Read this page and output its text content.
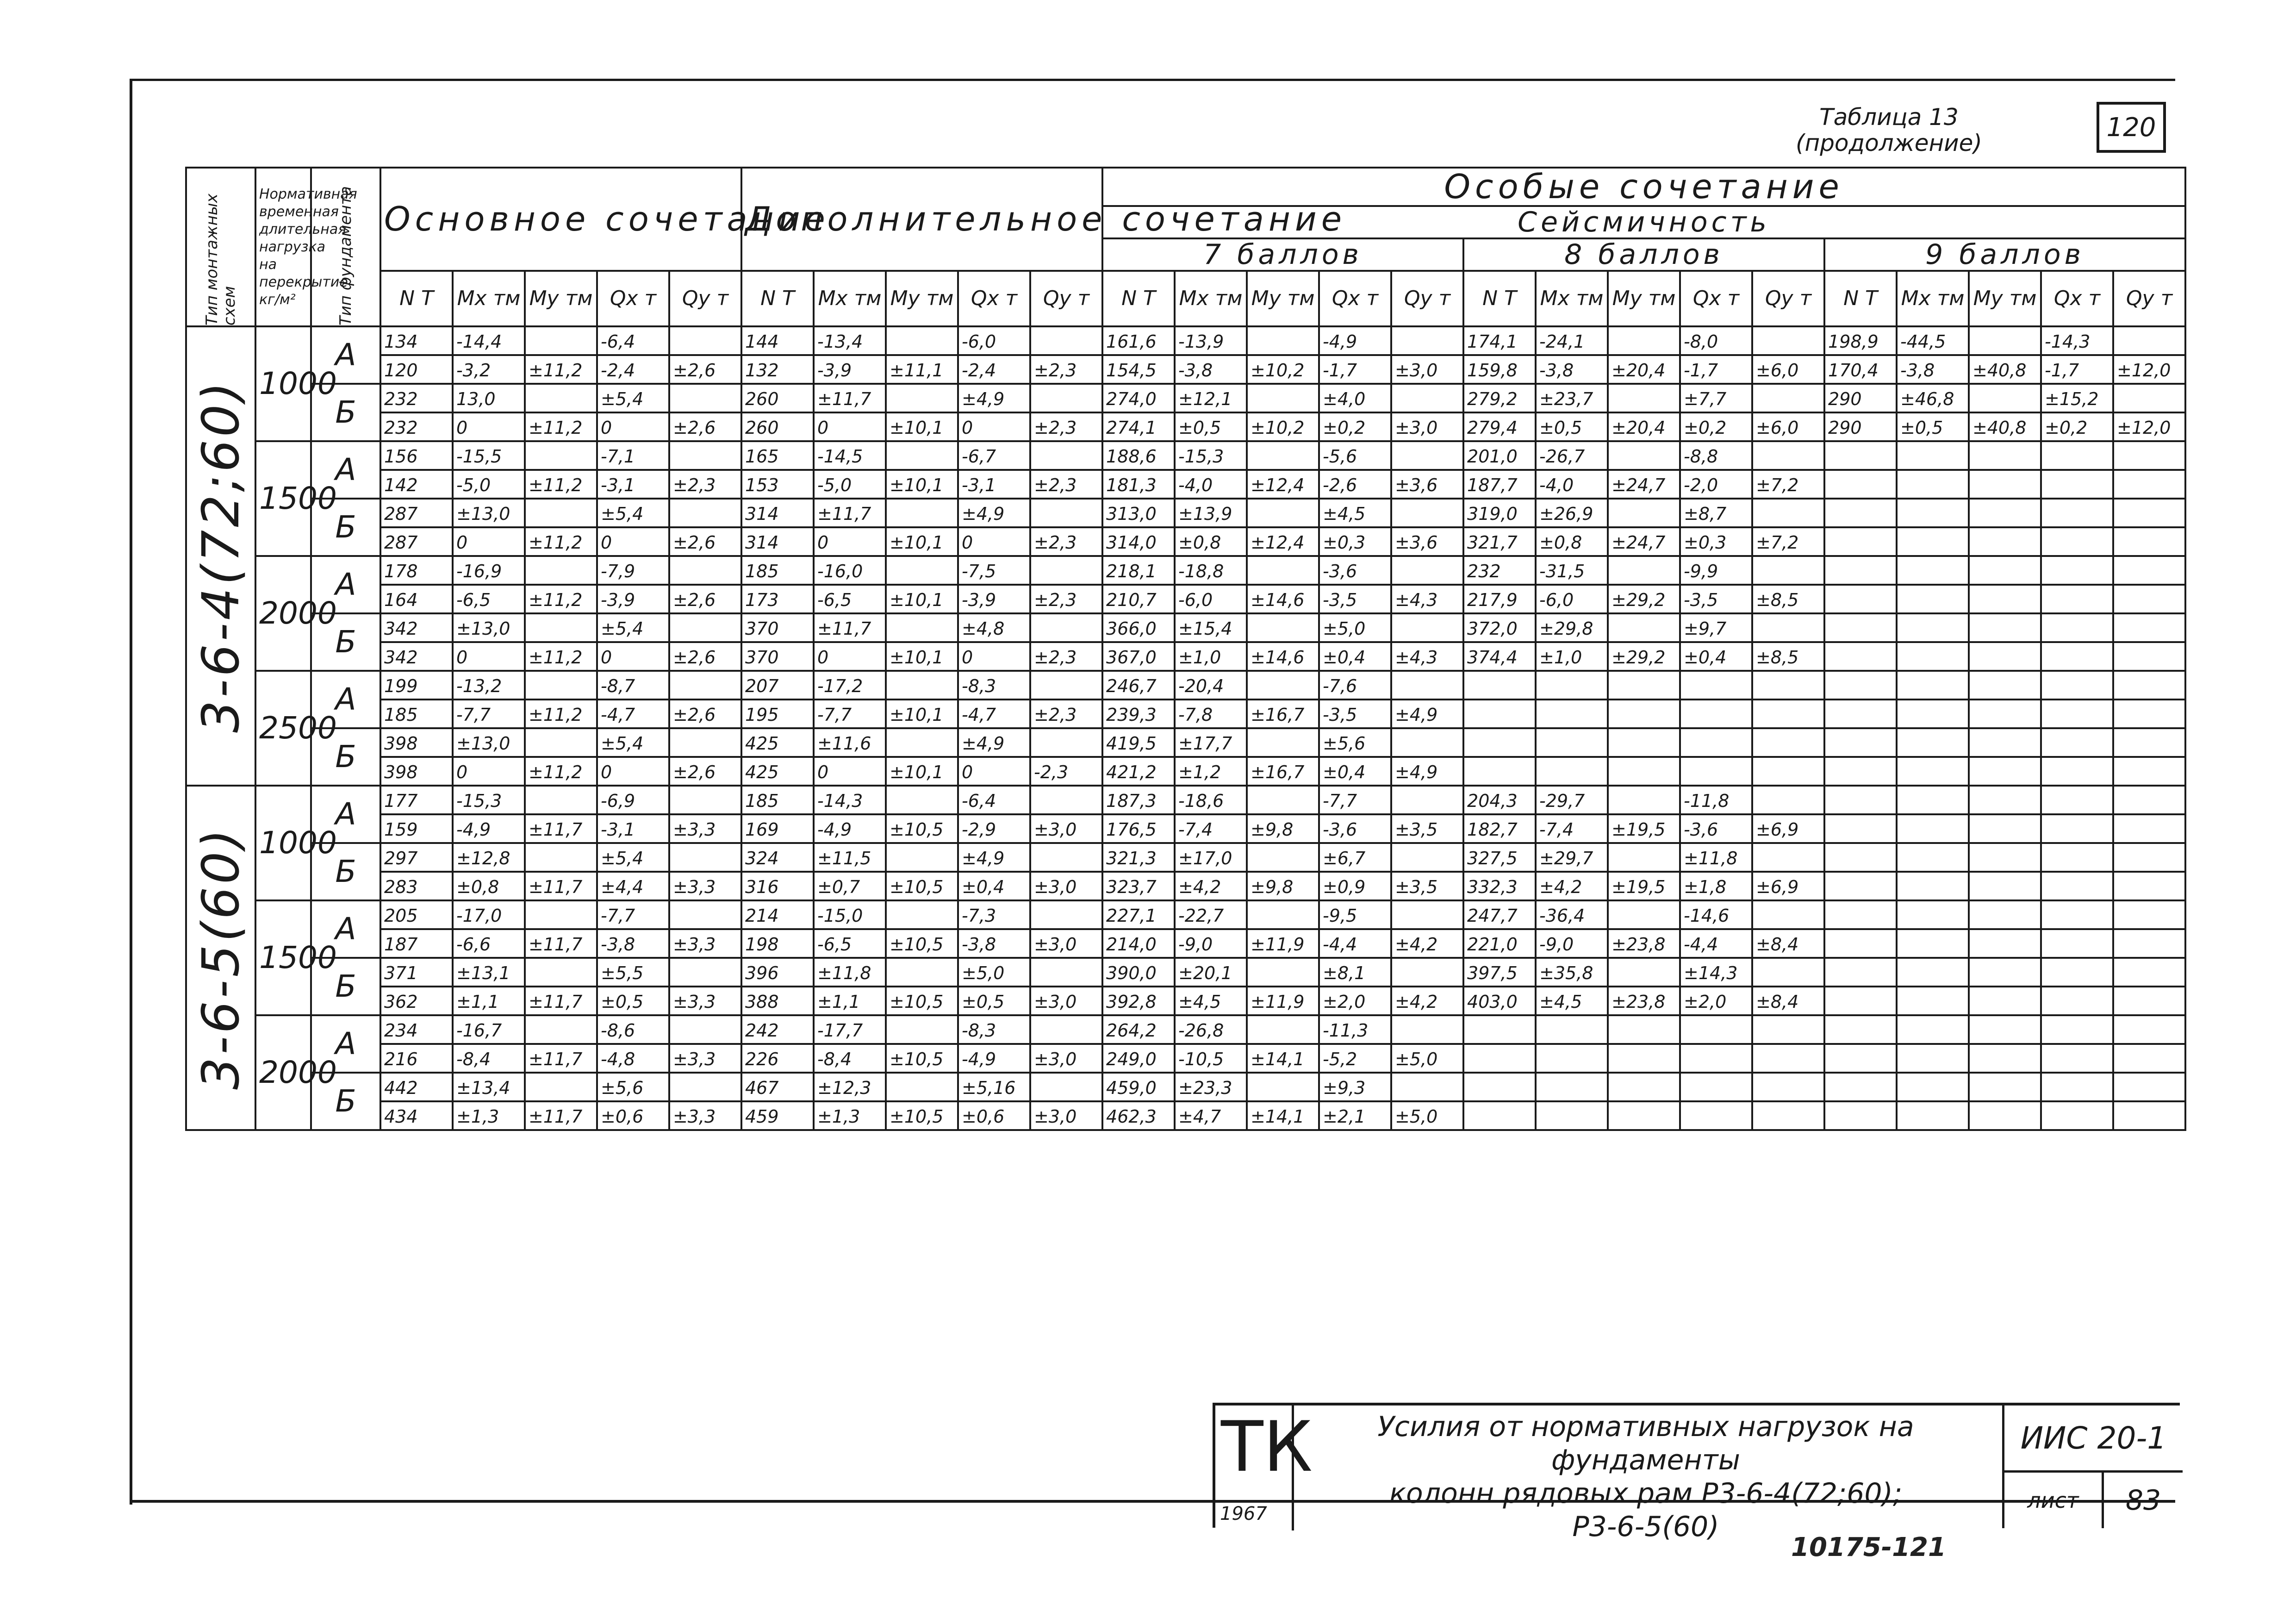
Таблица 13
(продолжение)
120
Тип монтажных схем	Нормативная временная длительная нагрузка на перекрытие кг/м²	Тип фундамента	Основное сочетание					Дополнительное сочетание					Особые сочетание														
													Сейсмичность														
													7 баллов					8 баллов					9 баллов				
			N Т	Mx тм	My тм	Qx т	Qy т	N Т	Mx тм	My тм	Qx т	Qy т	N Т	Mx тм	My тм	Qx т	Qy т	N Т	Mx тм	My тм	Qx т	Qy т	N Т	Mx тм	My тм	Qx т	Qy т
3-6-4(72;60)	1000	А	134	-14,4		-6,4		144	-13,4		-6,0		161,6	-13,9		-4,9		174,1	-24,1		-8,0		198,9	-44,5		-14,3	
			120	-3,2	±11,2	-2,4	±2,6	132	-3,9	±11,1	-2,4	±2,3	154,5	-3,8	±10,2	-1,7	±3,0	159,8	-3,8	±20,4	-1,7	±6,0	170,4	-3,8	±40,8	-1,7	±12,0
		Б	232	13,0		±5,4		260	±11,7		±4,9		274,0	±12,1		±4,0		279,2	±23,7		±7,7		290	±46,8		±15,2	
			232	0	±11,2	0	±2,6	260	0	±10,1	0	±2,3	274,1	±0,5	±10,2	±0,2	±3,0	279,4	±0,5	±20,4	±0,2	±6,0	290	±0,5	±40,8	±0,2	±12,0
	1500	А	156	-15,5		-7,1		165	-14,5		-6,7		188,6	-15,3		-5,6		201,0	-26,7		-8,8						
			142	-5,0	±11,2	-3,1	±2,3	153	-5,0	±10,1	-3,1	±2,3	181,3	-4,0	±12,4	-2,6	±3,6	187,7	-4,0	±24,7	-2,0	±7,2					
		Б	287	±13,0		±5,4		314	±11,7		±4,9		313,0	±13,9		±4,5		319,0	±26,9		±8,7						
			287	0	±11,2	0	±2,6	314	0	±10,1	0	±2,3	314,0	±0,8	±12,4	±0,3	±3,6	321,7	±0,8	±24,7	±0,3	±7,2					
	2000	А	178	-16,9		-7,9		185	-16,0		-7,5		218,1	-18,8		-3,6		232	-31,5		-9,9						
			164	-6,5	±11,2	-3,9	±2,6	173	-6,5	±10,1	-3,9	±2,3	210,7	-6,0	±14,6	-3,5	±4,3	217,9	-6,0	±29,2	-3,5	±8,5					
		Б	342	±13,0		±5,4		370	±11,7		±4,8		366,0	±15,4		±5,0		372,0	±29,8		±9,7						
			342	0	±11,2	0	±2,6	370	0	±10,1	0	±2,3	367,0	±1,0	±14,6	±0,4	±4,3	374,4	±1,0	±29,2	±0,4	±8,5					
	2500	А	199	-13,2		-8,7		207	-17,2		-8,3		246,7	-20,4		-7,6											
			185	-7,7	±11,2	-4,7	±2,6	195	-7,7	±10,1	-4,7	±2,3	239,3	-7,8	±16,7	-3,5	±4,9										
		Б	398	±13,0		±5,4		425	±11,6		±4,9		419,5	±17,7		±5,6											
			398	0	±11,2	0	±2,6	425	0	±10,1	0	-2,3	421,2	±1,2	±16,7	±0,4	±4,9										
3-6-5(60)	1000	А	177	-15,3		-6,9		185	-14,3		-6,4		187,3	-18,6		-7,7		204,3	-29,7		-11,8						
			159	-4,9	±11,7	-3,1	±3,3	169	-4,9	±10,5	-2,9	±3,0	176,5	-7,4	±9,8	-3,6	±3,5	182,7	-7,4	±19,5	-3,6	±6,9					
		Б	297	±12,8		±5,4		324	±11,5		±4,9		321,3	±17,0		±6,7		327,5	±29,7		±11,8						
			283	±0,8	±11,7	±4,4	±3,3	316	±0,7	±10,5	±0,4	±3,0	323,7	±4,2	±9,8	±0,9	±3,5	332,3	±4,2	±19,5	±1,8	±6,9					
	1500	А	205	-17,0		-7,7		214	-15,0		-7,3		227,1	-22,7		-9,5		247,7	-36,4		-14,6						
			187	-6,6	±11,7	-3,8	±3,3	198	-6,5	±10,5	-3,8	±3,0	214,0	-9,0	±11,9	-4,4	±4,2	221,0	-9,0	±23,8	-4,4	±8,4					
		Б	371	±13,1		±5,5		396	±11,8		±5,0		390,0	±20,1		±8,1		397,5	±35,8		±14,3						
			362	±1,1	±11,7	±0,5	±3,3	388	±1,1	±10,5	±0,5	±3,0	392,8	±4,5	±11,9	±2,0	±4,2	403,0	±4,5	±23,8	±2,0	±8,4					
	2000	А	234	-16,7		-8,6		242	-17,7		-8,3		264,2	-26,8		-11,3											
			216	-8,4	±11,7	-4,8	±3,3	226	-8,4	±10,5	-4,9	±3,0	249,0	-10,5	±14,1	-5,2	±5,0										
		Б	442	±13,4		±5,6		467	±12,3		±5,16		459,0	±23,3		±9,3											
			434	±1,3	±11,7	±0,6	±3,3	459	±1,3	±10,5	±0,6	±3,0	462,3	±4,7	±14,1	±2,1	±5,0										
ТК
1967
Усилия от нормативных нагрузок на фундаменты
колонн рядовых рам Р3-6-4(72;60);
Р3-6-5(60)
ИИС 20-1
лист	83
10175-121
